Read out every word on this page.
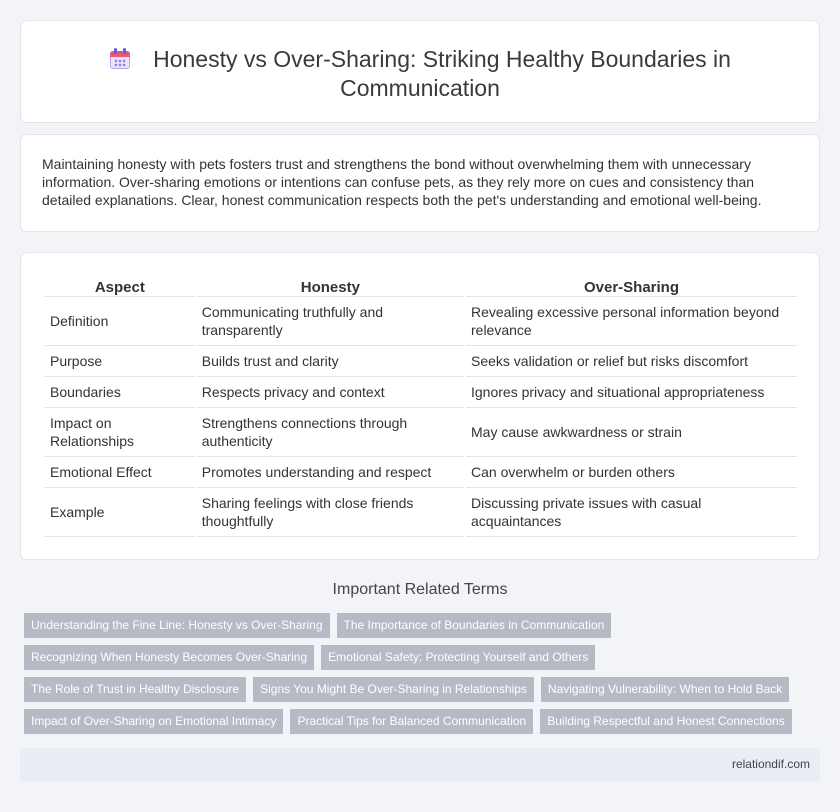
Honesty vs Over-Sharing: Striking Healthy Boundaries in Communication

Maintaining honesty with pets fosters trust and strengthens the bond without overwhelming them with unnecessary information. Over-sharing emotions or intentions can confuse pets, as they rely more on cues and consistency than detailed explanations. Clear, honest communication respects both the pet's understanding and emotional well-being.

Aspect	Honesty	Over-Sharing
Definition	Communicating truthfully and transparently	Revealing excessive personal information beyond relevance
Purpose	Builds trust and clarity	Seeks validation or relief but risks discomfort
Boundaries	Respects privacy and context	Ignores privacy and situational appropriateness
Impact on Relationships	Strengthens connections through authenticity	May cause awkwardness or strain
Emotional Effect	Promotes understanding and respect	Can overwhelm or burden others
Example	Sharing feelings with close friends thoughtfully	Discussing private issues with casual acquaintances
Important Related Terms
Understanding the Fine Line: Honesty vs Over-Sharing	The Importance of Boundaries in Communication
Recognizing When Honesty Becomes Over-Sharing	Emotional Safety: Protecting Yourself and Others
The Role of Trust in Healthy Disclosure	Signs You Might Be Over-Sharing in Relationships	Navigating Vulnerability: When to Hold Back
Impact of Over-Sharing on Emotional Intimacy	Practical Tips for Balanced Communication	Building Respectful and Honest Connections
relationdif.com
